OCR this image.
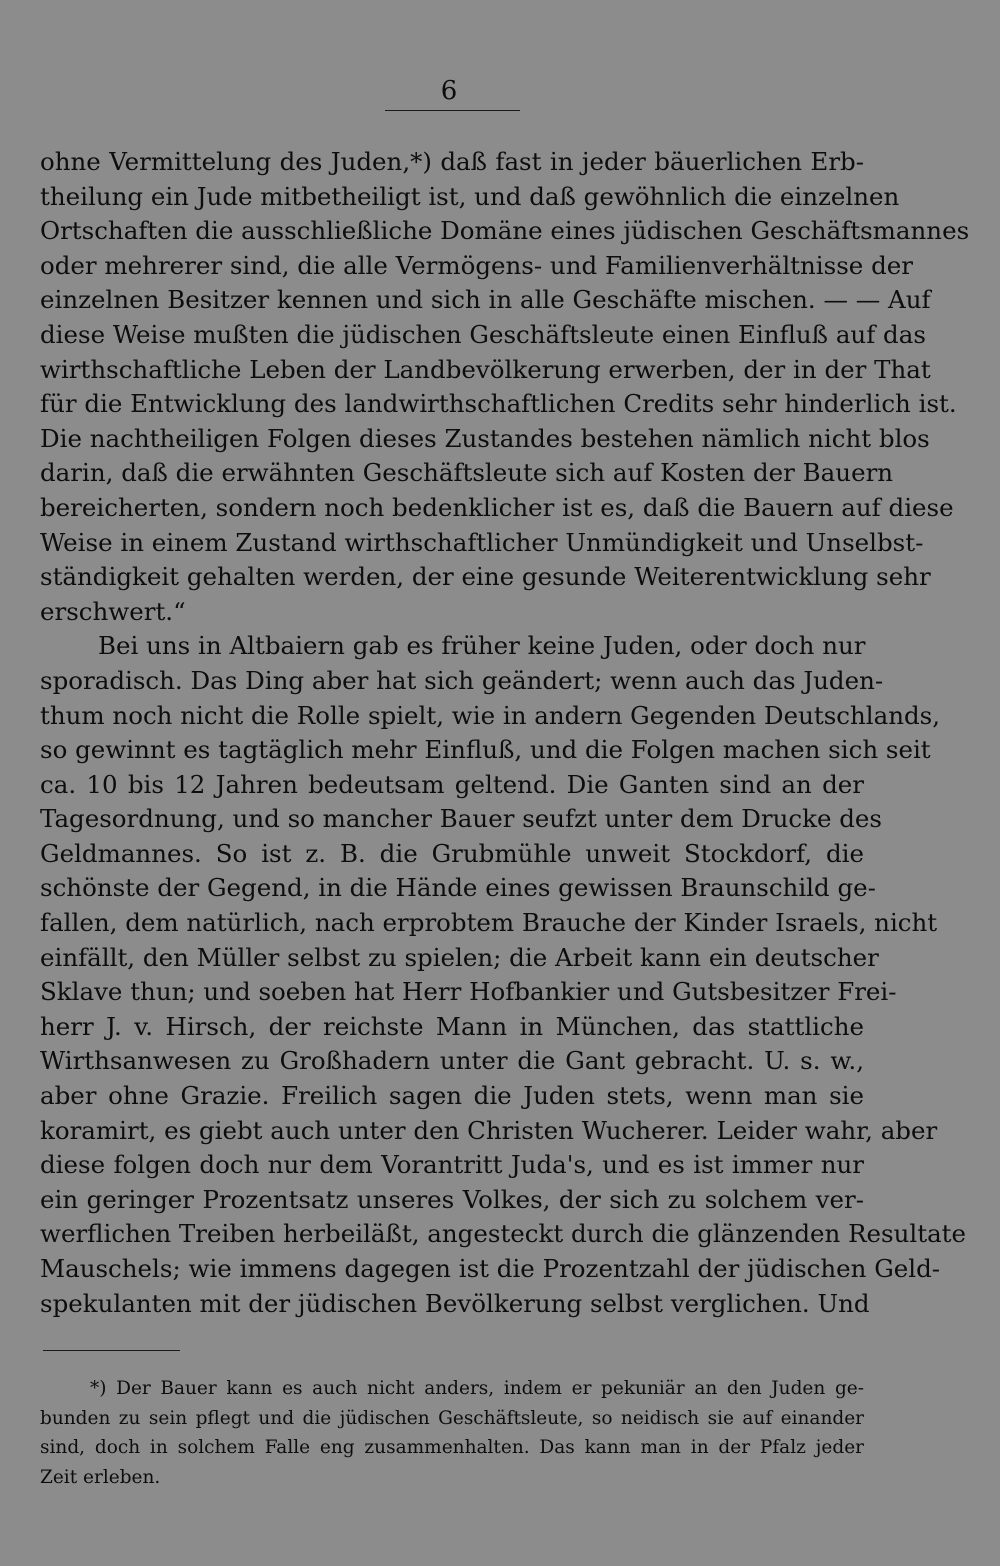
6
ohne Vermittelung des Juden,*) daß fast in jeder bäuerlichen Erb-
theilung ein Jude mitbetheiligt ist, und daß gewöhnlich die einzelnen
Ortschaften die ausschließliche Domäne eines jüdischen Geschäftsmannes
oder mehrerer sind, die alle Vermögens- und Familienverhältnisse der
einzelnen Besitzer kennen und sich in alle Geschäfte mischen. — — Auf
diese Weise mußten die jüdischen Geschäftsleute einen Einfluß auf das
wirthschaftliche Leben der Landbevölkerung erwerben, der in der That
für die Entwicklung des landwirthschaftlichen Credits sehr hinderlich ist.
Die nachtheiligen Folgen dieses Zustandes bestehen nämlich nicht blos
darin, daß die erwähnten Geschäftsleute sich auf Kosten der Bauern
bereicherten, sondern noch bedenklicher ist es, daß die Bauern auf diese
Weise in einem Zustand wirthschaftlicher Unmündigkeit und Unselbst-
ständigkeit gehalten werden, der eine gesunde Weiterentwicklung sehr
erschwert.“
Bei uns in Altbaiern gab es früher keine Juden, oder doch nur
sporadisch. Das Ding aber hat sich geändert; wenn auch das Juden-
thum noch nicht die Rolle spielt, wie in andern Gegenden Deutschlands,
so gewinnt es tagtäglich mehr Einfluß, und die Folgen machen sich seit
ca. 10 bis 12 Jahren bedeutsam geltend. Die Ganten sind an der
Tagesordnung, und so mancher Bauer seufzt unter dem Drucke des
Geldmannes. So ist z. B. die Grubmühle unweit Stockdorf, die
schönste der Gegend, in die Hände eines gewissen Braunschild ge-
fallen, dem natürlich, nach erprobtem Brauche der Kinder Israels, nicht
einfällt, den Müller selbst zu spielen; die Arbeit kann ein deutscher
Sklave thun; und soeben hat Herr Hofbankier und Gutsbesitzer Frei-
herr J. v. Hirsch, der reichste Mann in München, das stattliche
Wirthsanwesen zu Großhadern unter die Gant gebracht. U. s. w.,
aber ohne Grazie. Freilich sagen die Juden stets, wenn man sie
koramirt, es giebt auch unter den Christen Wucherer. Leider wahr, aber
diese folgen doch nur dem Vorantritt Juda's, und es ist immer nur
ein geringer Prozentsatz unseres Volkes, der sich zu solchem ver-
werflichen Treiben herbeiläßt, angesteckt durch die glänzenden Resultate
Mauschels; wie immens dagegen ist die Prozentzahl der jüdischen Geld-
spekulanten mit der jüdischen Bevölkerung selbst verglichen. Und
*) Der Bauer kann es auch nicht anders, indem er pekuniär an den Juden ge-
bunden zu sein pflegt und die jüdischen Geschäftsleute, so neidisch sie auf einander
sind, doch in solchem Falle eng zusammenhalten. Das kann man in der Pfalz jeder
Zeit erleben.
